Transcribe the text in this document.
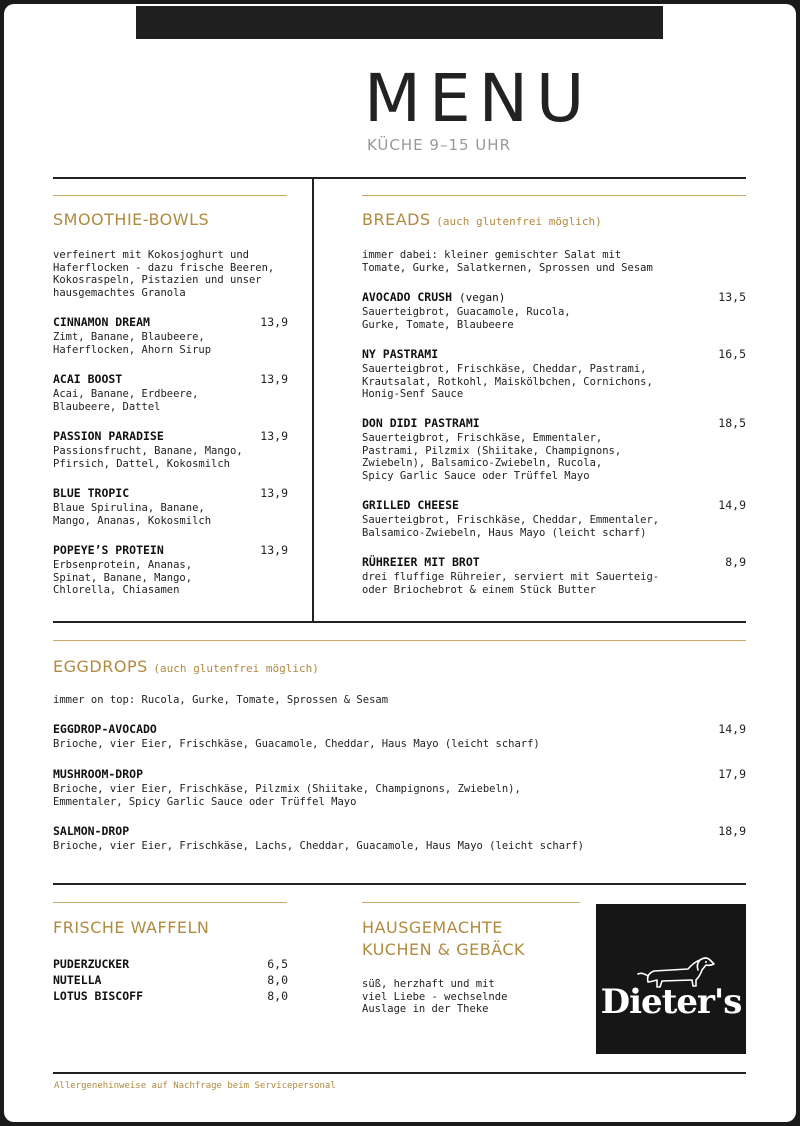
MENU
KÜCHE 9–15 UHR
SMOOTHIE-BOWLS
verfeinert mit Kokosjoghurt und
Haferflocken - dazu frische Beeren,
Kokosraspeln, Pistazien und unser
hausgemachtes Granola
CINNAMON DREAM	13,9
Zimt, Banane, Blaubeere,
Haferflocken, Ahorn Sirup
ACAI BOOST	13,9
Acai, Banane, Erdbeere,
Blaubeere, Dattel
PASSION PARADISE	13,9
Passionsfrucht, Banane, Mango,
Pfirsich, Dattel, Kokosmilch
BLUE TROPIC	13,9
Blaue Spirulina, Banane,
Mango, Ananas, Kokosmilch
POPEYE’S PROTEIN	13,9
Erbsenprotein, Ananas,
Spinat, Banane, Mango,
Chlorella, Chiasamen
BREADS (auch glutenfrei möglich)
immer dabei: kleiner gemischter Salat mit
Tomate, Gurke, Salatkernen, Sprossen und Sesam
AVOCADO CRUSH (vegan)	13,5
Sauerteigbrot, Guacamole, Rucola,
Gurke, Tomate, Blaubeere
NY PASTRAMI	16,5
Sauerteigbrot, Frischkäse, Cheddar, Pastrami,
Krautsalat, Rotkohl, Maiskölbchen, Cornichons,
Honig-Senf Sauce
DON DIDI PASTRAMI	18,5
Sauerteigbrot, Frischkäse, Emmentaler,
Pastrami, Pilzmix (Shiitake, Champignons,
Zwiebeln), Balsamico-Zwiebeln, Rucola,
Spicy Garlic Sauce oder Trüffel Mayo
GRILLED CHEESE	14,9
Sauerteigbrot, Frischkäse, Cheddar, Emmentaler,
Balsamico-Zwiebeln, Haus Mayo (leicht scharf)
RÜHREIER MIT BROT	8,9
drei fluffige Rühreier, serviert mit Sauerteig-
oder Briochebrot & einem Stück Butter
EGGDROPS (auch glutenfrei möglich)
immer on top: Rucola, Gurke, Tomate, Sprossen & Sesam
EGGDROP-AVOCADO	14,9
Brioche, vier Eier, Frischkäse, Guacamole, Cheddar, Haus Mayo (leicht scharf)
MUSHROOM-DROP	17,9
Brioche, vier Eier, Frischkäse, Pilzmix (Shiitake, Champignons, Zwiebeln),
Emmentaler, Spicy Garlic Sauce oder Trüffel Mayo
SALMON-DROP	18,9
Brioche, vier Eier, Frischkäse, Lachs, Cheddar, Guacamole, Haus Mayo (leicht scharf)
FRISCHE WAFFELN
PUDERZUCKER	6,5
NUTELLA	8,0
LOTUS BISCOFF	8,0
HAUSGEMACHTE
KUCHEN & GEBÄCK
süß, herzhaft und mit
viel Liebe - wechselnde
Auslage in der Theke	Dieter's
Allergenehinweise auf Nachfrage beim Servicepersonal
